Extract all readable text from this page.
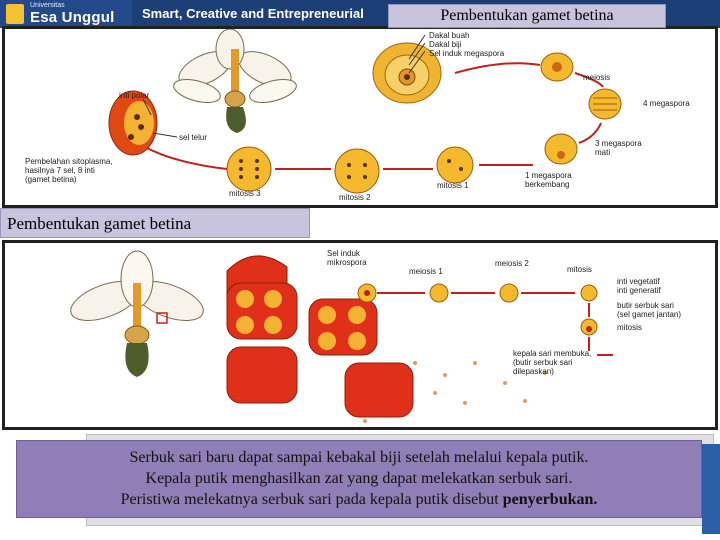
Universitas
Esa Unggul Smart, Creative and Entrepreneurial
Dakal buah
Dakal biji
Sel induk megaspora
meiosis
4 megaspora
3 megaspora
mati
1 megaspora
berkembang
mitosis 1
mitosis 2
mitosis 3
inti polar
sel telur
Pembelahan sitoplasma,
hasilnya 7 sel, 8 inti
(gamet betina)
Pembentukan gamet betina
Pembentukan gamet betina
Sel induk
mikrospora
meiosis 1
meiosis 2
mitosis
inti vegetatif
inti generatif
butir serbuk sari
(sel gamet jantan)
mitosis
kepala sari membuka,
(butir serbuk sari
dilepaskan)
Serbuk sari baru dapat sampai kebakal biji setelah melalui kepala putik.
Kepala putik menghasilkan zat yang dapat melekatkan serbuk sari.
Peristiwa melekatnya serbuk sari pada kepala putik disebut penyerbukan.
